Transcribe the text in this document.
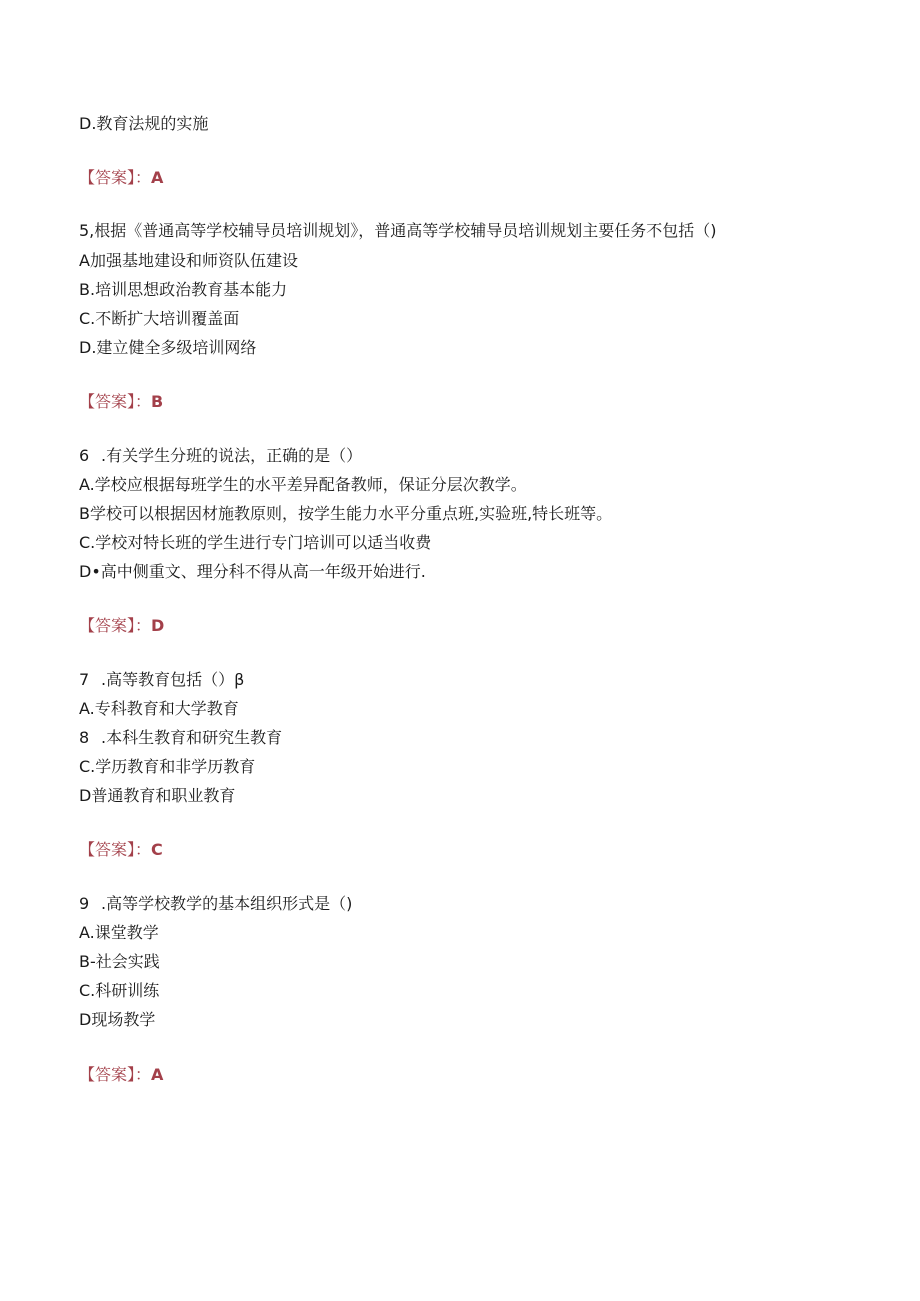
D.教育法规的实施
【答案】：A
5,根据《普通高等学校辅导员培训规划》，普通高等学校辅导员培训规划主要任务不包括（)
A加强基地建设和师资队伍建设
B.培训思想政治教育基本能力
C.不断扩大培训覆盖面
D.建立健全多级培训网络
【答案】：B
6 .有关学生分班的说法，正确的是（）
A.学校应根据每班学生的水平差异配备教师，保证分层次教学。
B学校可以根据因材施教原则，按学生能力水平分重点班,实验班,特长班等。
C.学校对特长班的学生进行专门培训可以适当收费
D•高中侧重文、理分科不得从高一年级开始进行.
【答案】：D
7 .高等教育包括（）β
A.专科教育和大学教育
8 .本科生教育和研究生教育
C.学历教育和非学历教育
D普通教育和职业教育
【答案】：C
9 .高等学校教学的基本组织形式是（)
A.课堂教学
B-社会实践
C.科研训练
D现场教学
【答案】：A
